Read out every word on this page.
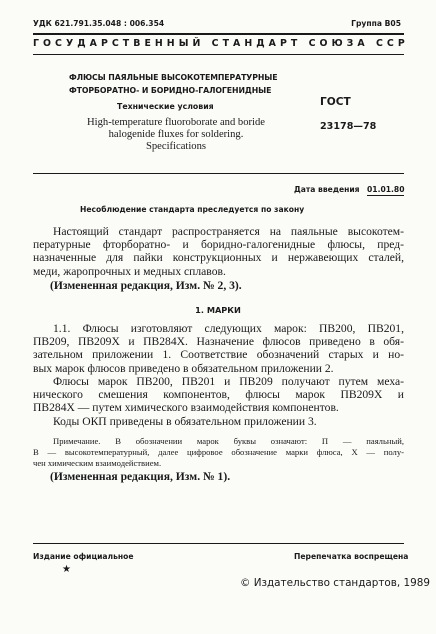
УДК 621.791.35.048 : 006.354	Группа В05
ГОСУДАРСТВЕННЫЙ СТАНДАРТ СОЮЗА ССР
ФЛЮСЫ ПАЯЛЬНЫЕ ВЫСОКОТЕМПЕРАТУРНЫЕ
ФТОРБОРАТНО- И БОРИДНО-ГАЛОГЕНИДНЫЕ
Технические условия
High-temperature fluoroborate and boride
halogenide fluxes for soldering.
Specifications
ГОСТ
23178—78
Дата введения 01.01.80
Несоблюдение стандарта преследуется по закону
Настоящий стандарт распространяется на паяльные высокотем-
пературные фторборатно- и боридно-галогенидные флюсы, пред-
назначенные для пайки конструкционных и нержавеющих сталей,
меди, жаропрочных и медных сплавов.
(Измененная редакция, Изм. № 2, 3).
1. МАРКИ
1.1. Флюсы изготовляют следующих марок: ПВ200, ПВ201,
ПВ209, ПВ209Х и ПВ284Х. Назначение флюсов приведено в обя-
зательном приложении 1. Соответствие обозначений старых и но-
вых марок флюсов приведено в обязательном приложении 2.
Флюсы марок ПВ200, ПВ201 и ПВ209 получают путем меха-
нического смешения компонентов, флюсы марок ПВ209Х и
ПВ284Х — путем химического взаимодействия компонентов.
Коды ОКП приведены в обязательном приложении 3.
Примечание. В обозначении марок буквы означают: П — паяльный,
В — высокотемпературный, далее цифровое обозначение марки флюса, Х — полу-
чен химическим взаимодействием.
(Измененная редакция, Изм. № 1).
Издание официальное	Перепечатка воспрещена
★
© Издательство стандартов, 1989
